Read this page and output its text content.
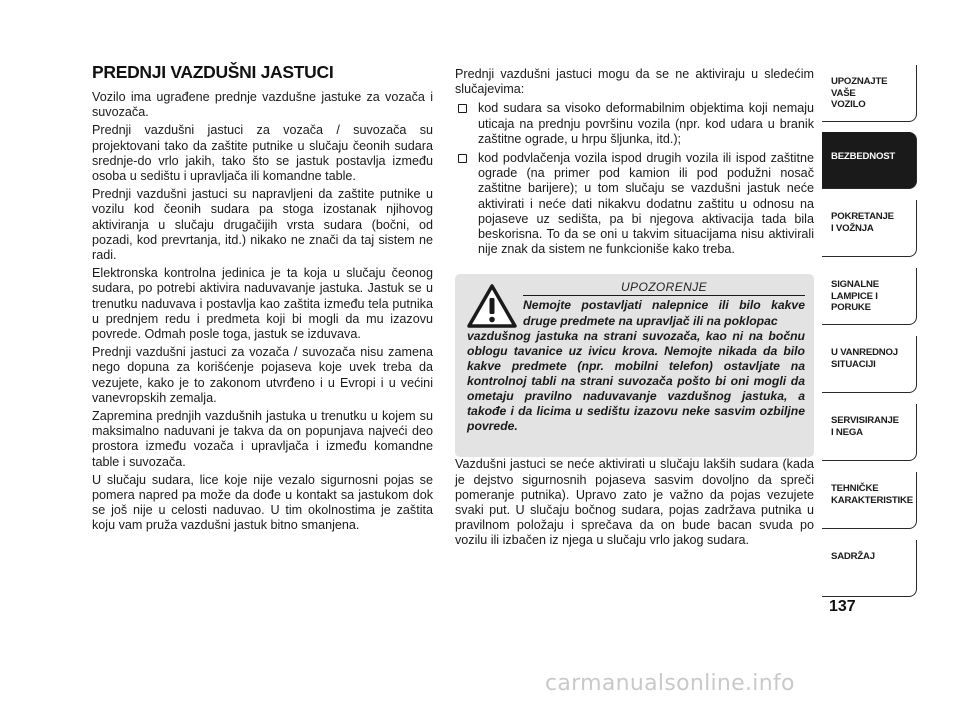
PREDNJI VAZDUŠNI JASTUCI

Vozilo ima ugrađene prednje vazdušne jastuke za vozača i suvozača.

Prednji vazdušni jastuci za vozača / suvozača su projektovani tako da zaštite putnike u slučaju čeonih sudara srednje-do vrlo jakih, tako što se jastuk postavlja između osoba u sedištu i upravljača ili komandne table.

Prednji vazdušni jastuci su napravljeni da zaštite putnike u vozilu kod čeonih sudara pa stoga izostanak njihovog aktiviranja u slučaju drugačijih vrsta sudara (bočni, od pozadi, kod prevrtanja, itd.) nikako ne znači da taj sistem ne radi.

Elektronska kontrolna jedinica je ta koja u slučaju čeonog sudara, po potrebi aktivira naduvavanje jastuka. Jastuk se u trenutku naduvava i postavlja kao zaštita između tela putnika u prednjem redu i predmeta koji bi mogli da mu izazovu povrede. Odmah posle toga, jastuk se izduvava.

Prednji vazdušni jastuci za vozača / suvozača nisu zamena nego dopuna za korišćenje pojaseva koje uvek treba da vezujete, kako je to zakonom utvrđeno i u Evropi i u većini vanevropskih zemalja.

Zapremina prednjih vazdušnih jastuka u trenutku u kojem su maksimalno naduvani je takva da on popunjava najveći deo prostora između vozača i upravljača i između komandne table i suvozača.

U slučaju sudara, lice koje nije vezalo sigurnosni pojas se pomera napred pa može da dođe u kontakt sa jastukom dok se još nije u celosti naduvao. U tim okolnostima je zaštita koju vam pruža vazdušni jastuk bitno smanjena.

Prednji vazdušni jastuci mogu da se ne aktiviraju u sledećim slučajevima:

kod sudara sa visoko deformabilnim objektima koji nemaju uticaja na prednju površinu vozila (npr. kod udara u branik zaštitne ograde, u hrpu šljunka, itd.);
kod podvlačenja vozila ispod drugih vozila ili ispod zaštitne ograde (na primer pod kamion ili pod podužni nosač zaštitne barijere); u tom slučaju se vazdušni jastuk neće aktivirati i neće dati nikakvu dodatnu zaštitu u odnosu na pojaseve uz sedišta, pa bi njegova aktivacija tada bila beskorisna. To da se oni u takvim situacijama nisu aktivirali nije znak da sistem ne funkcioniše kako treba.
UPOZORENJE
Nemojte postavljati nalepnice ili bilo kakve druge predmete na upravljač ili na poklopac
vazdušnog jastuka na strani suvozača, kao ni na bočnu oblogu tavanice uz ivicu krova. Nemojte nikada da bilo kakve predmete (npr. mobilni telefon) ostavljate na kontrolnoj tabli na strani suvozača pošto bi oni mogli da ometaju pravilno naduvavanje vazdušnog jastuka, a takođe i da licima u sedištu izazovu neke sasvim ozbiljne povrede.

Vazdušni jastuci se neće aktivirati u slučaju lakših sudara (kada je dejstvo sigurnosnih pojaseva sasvim dovoljno da spreči pomeranje putnika). Upravo zato je važno da pojas vezujete svaki put. U slučaju bočnog sudara, pojas zadržava putnika u pravilnom položaju i sprečava da on bude bacan svuda po vozilu ili izbačen iz njega u slučaju vrlo jakog sudara.

UPOZNAJTE
VAŠE
VOZILO
BEZBEDNOST
POKRETANJE
I VOŽNJA
SIGNALNE
LAMPICE I PORUKE
U VANREDNOJ
SITUACIJI
SERVISIRANJE
I NEGA
TEHNIČKE
KARAKTERISTIKE
SADRŽAJ
137
carmanualsonline.info
